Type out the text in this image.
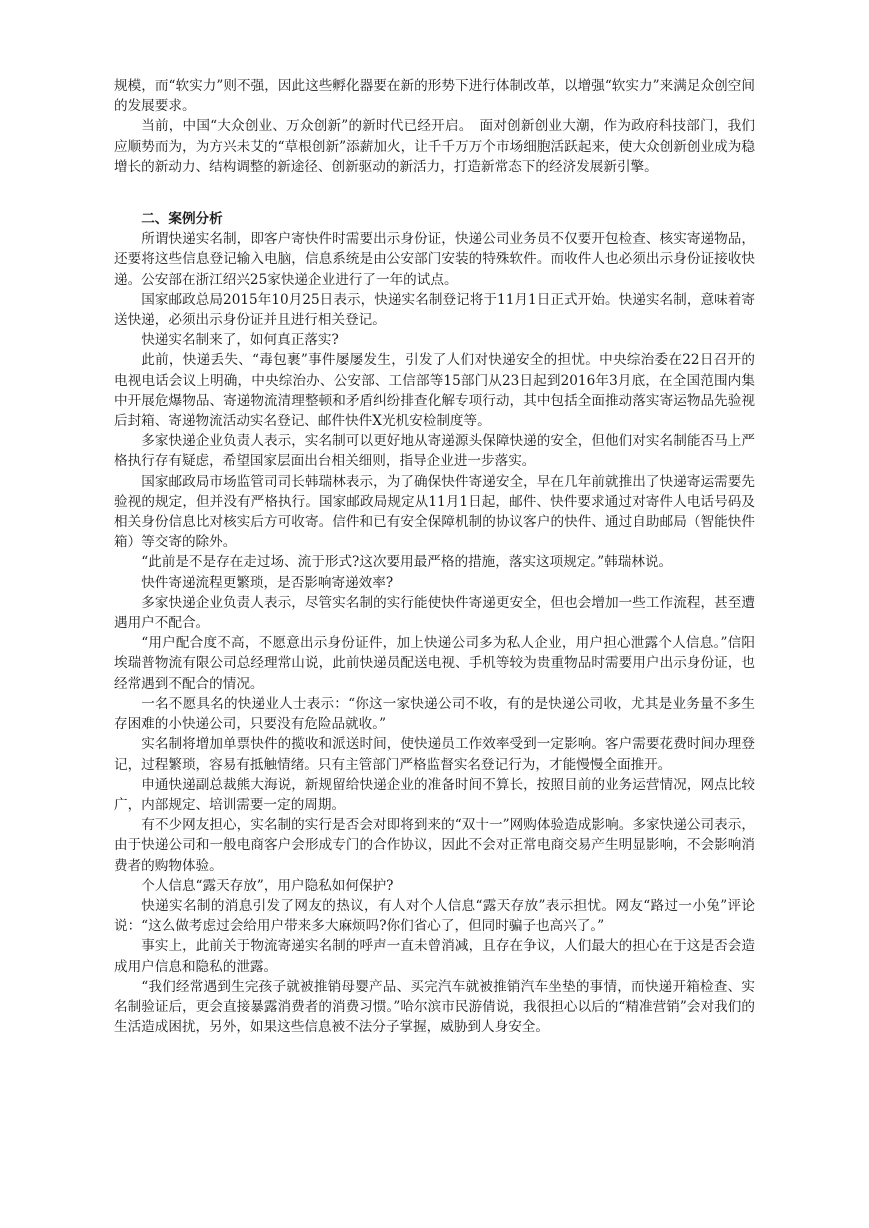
规模，而“软实力”则不强，因此这些孵化器要在新的形势下进行体制改革，以增强“软实力”来满足众创空间的发展要求。

当前，中国“大众创业、万众创新”的新时代已经开启。　面对创新创业大潮，作为政府科技部门，我们应顺势而为，为方兴未艾的“草根创新”添薪加火，让千千万万个市场细胞活跃起来，使大众创新创业成为稳增长的新动力、结构调整的新途径、创新驱动的新活力，打造新常态下的经济发展新引擎。

二、案例分析

所谓快递实名制，即客户寄快件时需要出示身份证，快递公司业务员不仅要开包检查、核实寄递物品，还要将这些信息登记输入电脑，信息系统是由公安部门安装的特殊软件。而收件人也必须出示身份证接收快递。公安部在浙江绍兴25家快递企业进行了一年的试点。

国家邮政总局2015年10月25日表示，快递实名制登记将于11月1日正式开始。快递实名制，意味着寄送快递，必须出示身份证并且进行相关登记。

快递实名制来了，如何真正落实?

此前，快递丢失、“毒包裹”事件屡屡发生，引发了人们对快递安全的担忧。中央综治委在22日召开的电视电话会议上明确，中央综治办、公安部、工信部等15部门从23日起到2016年3月底，在全国范围内集中开展危爆物品、寄递物流清理整顿和矛盾纠纷排查化解专项行动，其中包括全面推动落实寄运物品先验视后封箱、寄递物流活动实名登记、邮件快件X光机安检制度等。

多家快递企业负责人表示，实名制可以更好地从寄递源头保障快递的安全，但他们对实名制能否马上严格执行存有疑虑，希望国家层面出台相关细则，指导企业进一步落实。

国家邮政局市场监管司司长韩瑞林表示，为了确保快件寄递安全，早在几年前就推出了快递寄运需要先验视的规定，但并没有严格执行。国家邮政局规定从11月1日起，邮件、快件要求通过对寄件人电话号码及相关身份信息比对核实后方可收寄。信件和已有安全保障机制的协议客户的快件、通过自助邮局（智能快件箱）等交寄的除外。

“此前是不是存在走过场、流于形式?这次要用最严格的措施，落实这项规定。”韩瑞林说。

快件寄递流程更繁琐，是否影响寄递效率?

多家快递企业负责人表示，尽管实名制的实行能使快件寄递更安全，但也会增加一些工作流程，甚至遭遇用户不配合。

“用户配合度不高，不愿意出示身份证件，加上快递公司多为私人企业，用户担心泄露个人信息。”信阳埃瑞普物流有限公司总经理常山说，此前快递员配送电视、手机等较为贵重物品时需要用户出示身份证，也经常遇到不配合的情况。

一名不愿具名的快递业人士表示：“你这一家快递公司不收，有的是快递公司收，尤其是业务量不多生存困难的小快递公司，只要没有危险品就收。”

实名制将增加单票快件的揽收和派送时间，使快递员工作效率受到一定影响。客户需要花费时间办理登记，过程繁琐，容易有抵触情绪。只有主管部门严格监督实名登记行为，才能慢慢全面推开。

申通快递副总裁熊大海说，新规留给快递企业的准备时间不算长，按照目前的业务运营情况，网点比较广，内部规定、培训需要一定的周期。

有不少网友担心，实名制的实行是否会对即将到来的“双十一”网购体验造成影响。多家快递公司表示，由于快递公司和一般电商客户会形成专门的合作协议，因此不会对正常电商交易产生明显影响，不会影响消费者的购物体验。

个人信息“露天存放”，用户隐私如何保护?

快递实名制的消息引发了网友的热议，有人对个人信息“露天存放”表示担忧。网友“路过一小兔”评论说：“这么做考虑过会给用户带来多大麻烦吗?你们省心了，但同时骗子也高兴了。”

事实上，此前关于物流寄递实名制的呼声一直未曾消减，且存在争议，人们最大的担心在于这是否会造成用户信息和隐私的泄露。

“我们经常遇到生完孩子就被推销母婴产品、买完汽车就被推销汽车坐垫的事情，而快递开箱检查、实名制验证后，更会直接暴露消费者的消费习惯。”哈尔滨市民游倩说，我很担心以后的“精准营销”会对我们的生活造成困扰，另外，如果这些信息被不法分子掌握，威胁到人身安全。
